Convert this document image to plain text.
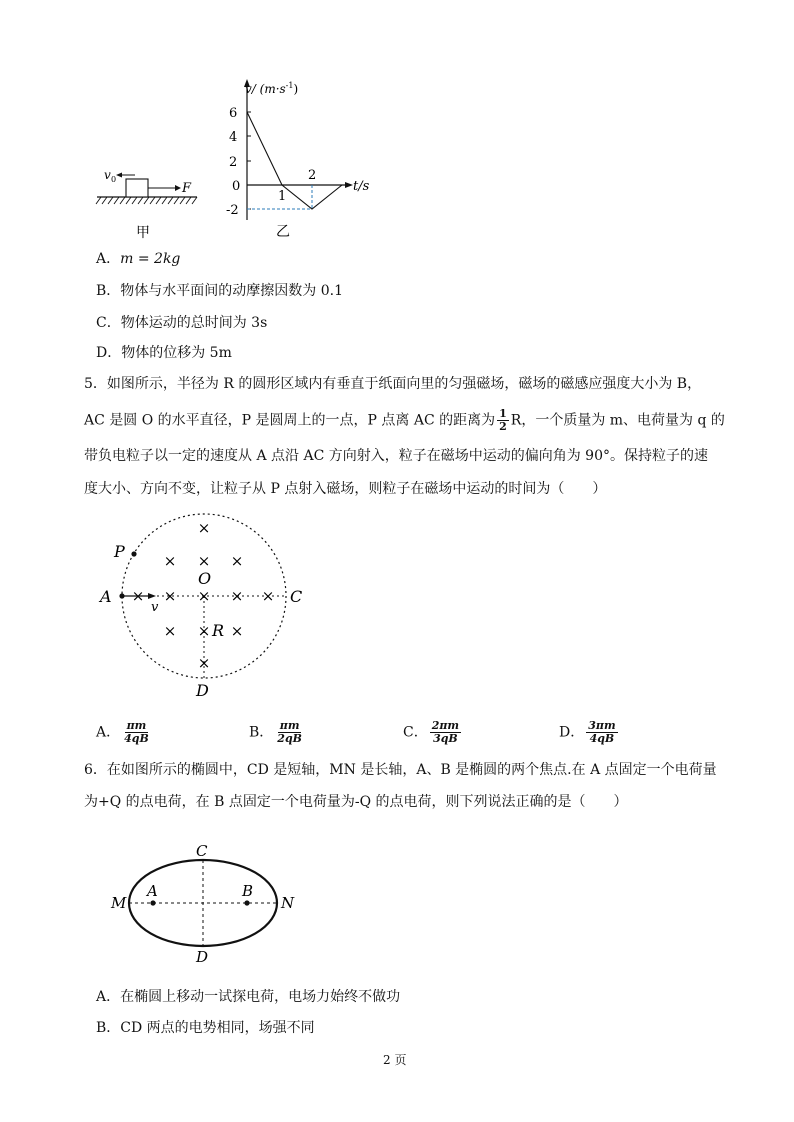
v 0
F
甲
6
4
2
0
-2
1
2
v/ $(m\cdot s^{-1})$
t/s
乙
A．m = 2kg
B．物体与水平面间的动摩擦因数为 0.1
C．物体运动的总时间为 3s
D．物体的位移为 5m
5．如图所示，半径为 R 的圆形区域内有垂直于纸面向里的匀强磁场，磁场的磁感应强度大小为 B，
AC 是圆 O 的水平直径，P 是圆周上的一点，P 点离 AC 的距离为 $\frac{1}{2}$ R，一个质量为 m、电荷量为 q 的
带负电粒子以一定的速度从 A 点沿 AC 方向射入，粒子在磁场中运动的偏向角为 90°。保持粒子的速
度大小、方向不变，让粒子从 P 点射入磁场，则粒子在磁场中运动的时间为（　　）
×
× × ×
× × × ×
×
× × ×
×
P
A
O
C
R
D
v
A． $\frac{\pi m}{4qB}$	B． $\frac{\pi m}{2qB}$	C． $\frac{2\pi m}{3qB}$	D． $\frac{3\pi m}{4qB}$
6．在如图所示的椭圆中，CD 是短轴，MN 是长轴，A、B 是椭圆的两个焦点.在 A 点固定一个电荷量
为+Q 的点电荷，在 B 点固定一个电荷量为-Q 的点电荷，则下列说法正确的是（　　）
C
M
A	B
N
D
A．在椭圆上移动一试探电荷，电场力始终不做功
B．CD 两点的电势相同，场强不同
2 页
